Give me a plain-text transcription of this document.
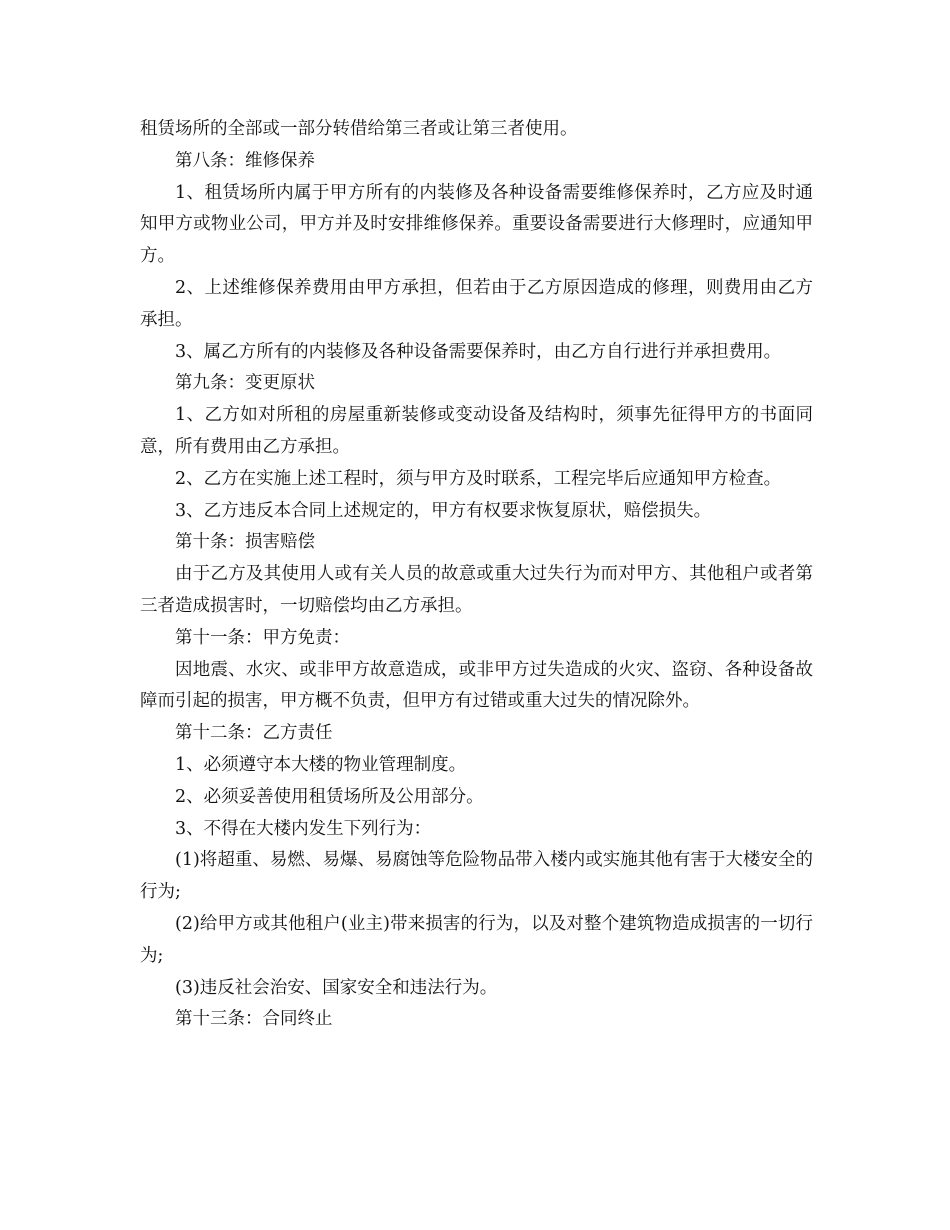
租赁场所的全部或一部分转借给第三者或让第三者使用。

第八条：维修保养

1、租赁场所内属于甲方所有的内装修及各种设备需要维修保养时，乙方应及时通知甲方或物业公司，甲方并及时安排维修保养。重要设备需要进行大修理时，应通知甲方。

2、上述维修保养费用由甲方承担，但若由于乙方原因造成的修理，则费用由乙方承担。

3、属乙方所有的内装修及各种设备需要保养时，由乙方自行进行并承担费用。

第九条：变更原状

1、乙方如对所租的房屋重新装修或变动设备及结构时，须事先征得甲方的书面同意，所有费用由乙方承担。

2、乙方在实施上述工程时，须与甲方及时联系，工程完毕后应通知甲方检查。

3、乙方违反本合同上述规定的，甲方有权要求恢复原状，赔偿损失。

第十条：损害赔偿

由于乙方及其使用人或有关人员的故意或重大过失行为而对甲方、其他租户或者第三者造成损害时，一切赔偿均由乙方承担。

第十一条：甲方免责：

因地震、水灾、或非甲方故意造成，或非甲方过失造成的火灾、盗窃、各种设备故障而引起的损害，甲方概不负责，但甲方有过错或重大过失的情况除外。

第十二条：乙方责任

1、必须遵守本大楼的物业管理制度。

2、必须妥善使用租赁场所及公用部分。

3、不得在大楼内发生下列行为：

(1)将超重、易燃、易爆、易腐蚀等危险物品带入楼内或实施其他有害于大楼安全的行为;

(2)给甲方或其他租户(业主)带来损害的行为，以及对整个建筑物造成损害的一切行为;

(3)违反社会治安、国家安全和违法行为。

第十三条：合同终止
